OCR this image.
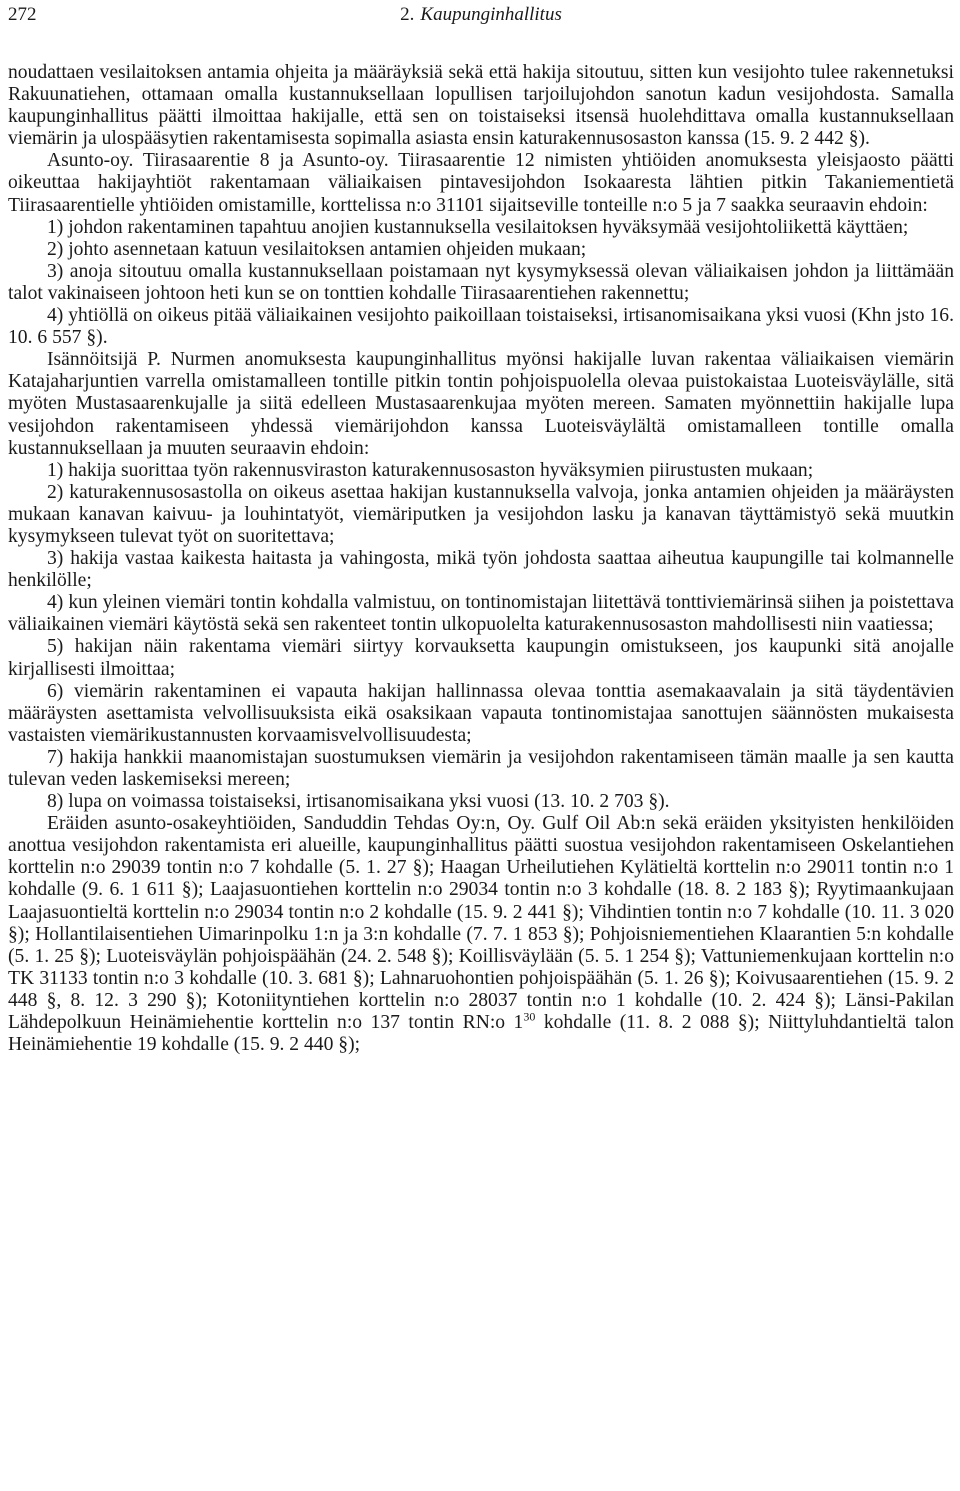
272	2. Kaupunginhallitus

noudattaen vesilaitoksen antamia ohjeita ja määräyksiä sekä että hakija sitoutuu, sitten kun vesijohto tulee rakennetuksi Rakuunatiehen, ottamaan omalla kustannuksellaan lopullisen tarjoilujohdon sanotun kadun vesijohdosta. Samalla kaupunginhallitus päätti ilmoittaa hakijalle, että sen on toistaiseksi itsensä huolehdittava omalla kustannuksellaan viemärin ja ulospääsytien rakentamisesta sopimalla asiasta ensin katurakennusosaston kanssa (15. 9. 2 442 §).

Asunto-oy. Tiirasaarentie 8 ja Asunto-oy. Tiirasaarentie 12 nimisten yhtiöiden anomuksesta yleisjaosto päätti oikeuttaa hakijayhtiöt rakentamaan väliaikaisen pintavesijohdon Isokaaresta lähtien pitkin Takaniementietä Tiirasaarentielle yhtiöiden omistamille, korttelissa n:o 31101 sijaitseville tonteille n:o 5 ja 7 saakka seuraavin ehdoin:

1) johdon rakentaminen tapahtuu anojien kustannuksella vesilaitoksen hyväksymää vesijohtoliikettä käyttäen;

2) johto asennetaan katuun vesilaitoksen antamien ohjeiden mukaan;

3) anoja sitoutuu omalla kustannuksellaan poistamaan nyt kysymyksessä olevan väliaikaisen johdon ja liittämään talot vakinaiseen johtoon heti kun se on tonttien kohdalle Tiirasaarentiehen rakennettu;

4) yhtiöllä on oikeus pitää väliaikainen vesijohto paikoillaan toistaiseksi, irtisanomisaikana yksi vuosi (Khn jsto 16. 10. 6 557 §).

Isännöitsijä P. Nurmen anomuksesta kaupunginhallitus myönsi hakijalle luvan rakentaa väliaikaisen viemärin Katajaharjuntien varrella omistamalleen tontille pitkin tontin pohjoispuolella olevaa puistokaistaa Luoteisväylälle, sitä myöten Mustasaarenkujalle ja siitä edelleen Mustasaarenkujaa myöten mereen. Samaten myönnettiin hakijalle lupa vesijohdon rakentamiseen yhdessä viemärijohdon kanssa Luoteisväylältä omistamalleen tontille omalla kustannuksellaan ja muuten seuraavin ehdoin:

1) hakija suorittaa työn rakennusviraston katurakennusosaston hyväksymien piirustusten mukaan;

2) katurakennusosastolla on oikeus asettaa hakijan kustannuksella valvoja, jonka antamien ohjeiden ja määräysten mukaan kanavan kaivuu- ja louhintatyöt, viemäriputken ja vesijohdon lasku ja kanavan täyttämistyö sekä muutkin kysymykseen tulevat työt on suoritettava;

3) hakija vastaa kaikesta haitasta ja vahingosta, mikä työn johdosta saattaa aiheutua kaupungille tai kolmannelle henkilölle;

4) kun yleinen viemäri tontin kohdalla valmistuu, on tontinomistajan liitettävä tonttiviemärinsä siihen ja poistettava väliaikainen viemäri käytöstä sekä sen rakenteet tontin ulkopuolelta katurakennusosaston mahdollisesti niin vaatiessa;

5) hakijan näin rakentama viemäri siirtyy korvauksetta kaupungin omistukseen, jos kaupunki sitä anojalle kirjallisesti ilmoittaa;

6) viemärin rakentaminen ei vapauta hakijan hallinnassa olevaa tonttia asemakaavalain ja sitä täydentävien määräysten asettamista velvollisuuksista eikä osaksikaan vapauta tontinomistajaa sanottujen säännösten mukaisesta vastaisten viemärikustannusten korvaamisvelvollisuudesta;

7) hakija hankkii maanomistajan suostumuksen viemärin ja vesijohdon rakentamiseen tämän maalle ja sen kautta tulevan veden laskemiseksi mereen;

8) lupa on voimassa toistaiseksi, irtisanomisaikana yksi vuosi (13. 10. 2 703 §).

Eräiden asunto-osakeyhtiöiden, Sanduddin Tehdas Oy:n, Oy. Gulf Oil Ab:n sekä eräiden yksityisten henkilöiden anottua vesijohdon rakentamista eri alueille, kaupunginhallitus päätti suostua vesijohdon rakentamiseen Oskelantiehen korttelin n:o 29039 tontin n:o 7 kohdalle (5. 1. 27 §); Haagan Urheilutiehen Kylätieltä korttelin n:o 29011 tontin n:o 1 kohdalle (9. 6. 1 611 §); Laajasuontiehen korttelin n:o 29034 tontin n:o 3 kohdalle (18. 8. 2 183 §); Ryytimaankujaan Laajasuontieltä korttelin n:o 29034 tontin n:o 2 kohdalle (15. 9. 2 441 §); Vihdintien tontin n:o 7 kohdalle (10. 11. 3 020 §); Hollantilaisentiehen Uimarinpolku 1:n ja 3:n kohdalle (7. 7. 1 853 §); Pohjoisniementiehen Klaarantien 5:n kohdalle (5. 1. 25 §); Luoteisväylän pohjoispäähän (24. 2. 548 §); Koillisväylään (5. 5. 1 254 §); Vattuniemenkujaan korttelin n:o TK 31133 tontin n:o 3 kohdalle (10. 3. 681 §); Lahnaruohontien pohjoispäähän (5. 1. 26 §); Koivusaarentiehen (15. 9. 2 448 §, 8. 12. 3 290 §); Kotoniityntiehen korttelin n:o 28037 tontin n:o 1 kohdalle (10. 2. 424 §); Länsi-Pakilan Lähdepolkuun Heinämiehentie korttelin n:o 137 tontin RN:o $1^{30}$ kohdalle (11. 8. 2 088 §); Niittyluhdantieltä talon Heinämiehentie 19 kohdalle (15. 9. 2 440 §);
